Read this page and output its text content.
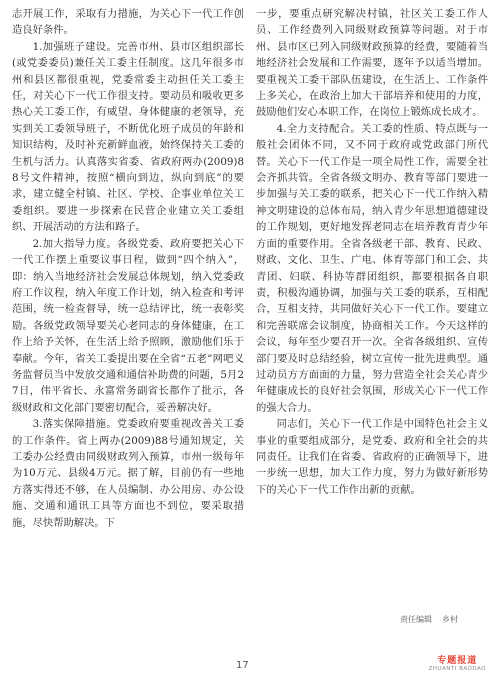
志开展工作，采取有力措施，为关心下一代工作创造良好条件。

1.加强班子建设。完善市州、县市区组织部长(或党委委员)兼任关工委主任制度。这几年很多市州和县区都很重视，党委常委主动担任关工委主任，对关心下一代工作很支持。要动员和吸收更多热心关工委工作，有威望、身体健康的老领导，充实到关工委领导班子，不断优化班子成员的年龄和知识结构，及时补充新鲜血液，始终保持关工委的生机与活力。认真落实省委、省政府两办(2009)88号文件精神，按照“横向到边，纵向到底”的要求，建立健全村镇、社区、学校、企事业单位关工委组织。要进一步探索在民营企业建立关工委组织、开展活动的方法和路子。

2.加大指导力度。各级党委、政府要把关心下一代工作摆上重要议事日程，做到“四个纳入”，即：纳入当地经济社会发展总体规划，纳入党委政府工作议程，纳入年度工作计划，纳入检查和考评范围，统一检查督导，统一总结评比，统一表彰奖励。各级党政领导要关心老同志的身体健康，在工作上给予关怀，在生活上给予照顾，激励他们乐于奉献。今年，省关工委提出要在全省“五老”网吧义务监督员当中发放交通和通信补助费的问题，5月27日，伟平省长、永富常务副省长都作了批示，各级财政和文化部门要密切配合，妥善解决好。

3.落实保障措施。党委政府要重视改善关工委的工作条件。省上两办(2009)88号通知规定，关工委办公经费由同级财政列入预算，市州一级每年为10万元、县级4万元。据了解，目前仍有一些地方落实得还不够，在人员编制、办公用房、办公设施、交通和通讯工具等方面也不到位，要采取措施，尽快帮助解决。下

一步，要重点研究解决村镇，社区关工委工作人员、工作经费列入同级财政预算等问题。对于市州、县市区已列入同级财政预算的经费，要随着当地经济社会发展和工作需要，逐年予以适当增加。要重视关工委干部队伍建设，在生活上、工作条件上多关心，在政治上加大干部培养和使用的力度，鼓励他们安心本职工作，在岗位上锻炼成长成才。

4.全力支持配合。关工委的性质、特点既与一般社会团体不同，又不同于政府或党政部门所代替。关心下一代工作是一项全局性工作，需要全社会齐抓共管。全省各级文明办、教育等部门要进一步加强与关工委的联系，把关心下一代工作纳入精神文明建设的总体布局，纳入青少年思想道德建设的工作规划，更好地发挥老同志在培养教育青少年方面的重要作用。全省各级老干部、教育、民政、财政、文化、卫生、广电、体育等部门和工会、共青团、妇联、科协等群团组织，都要根据各自职责，积极沟通协调，加强与关工委的联系，互相配合，互相支持，共同做好关心下一代工作。要建立和完善联席会议制度，协商相关工作。今天这样的会议，每年至少要召开一次。全省各级组织、宣传部门要及时总结经验，树立宣传一批先进典型。通过动员方方面面的力量，努力营造全社会关心青少年健康成长的良好社会氛围，形成关心下一代工作的强大合力。

同志们，关心下一代工作是中国特色社会主义事业的重要组成部分，是党委、政府和全社会的共同责任。让我们在省委、省政府的正确领导下，进一步统一思想，加大工作力度，努力为做好新形势下的关心下一代工作作出新的贡献。

责任编辑 乡村
17	专题报道
ZHUANTI BAODAO
